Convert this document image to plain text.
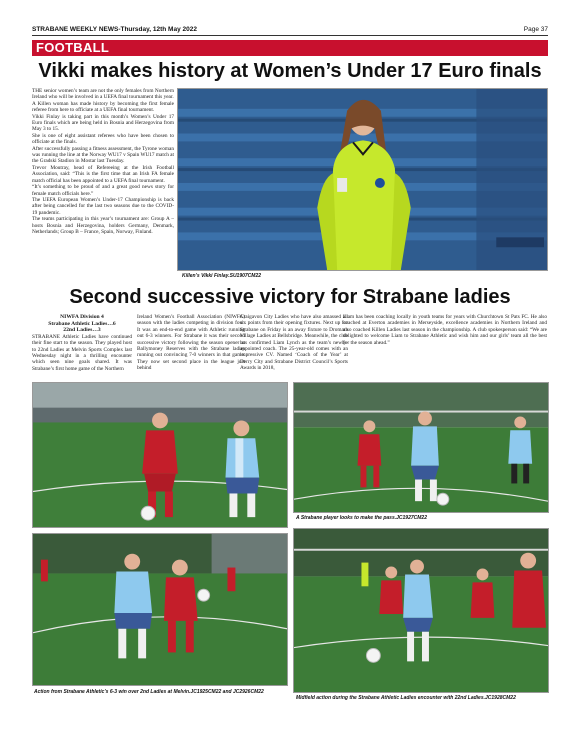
STRABANE WEEKLY NEWS-Thursday, 12th May 2022	Page 37
FOOTBALL
Vikki makes history at Women’s Under 17 Euro finals

THE senior women’s team are not the only females from Northern Ireland who will be involved in a UEFA final tournament this year.

A Killen woman has made history by becoming the first female referee from here to officiate at a UEFA final tournament.

Vikki Finlay is taking part in this month’s Women’s Under 17 Euro finals which are being held in Bosnia and Herzegovina from May 3 to 15.

She is one of eight assistant referees who have been chosen to officiate at the finals.

After successfully passing a fitness assessment, the Tyrone woman was running the line at the Norway WU17 v Spain WU17 match at the Gradski Stadion in Mostar last Tuesday.

Trevor Moutray, head of Refereeing at the Irish Football Association, said: “This is the first time that an Irish FA female match official has been appointed to a UEFA final tournament.

“It’s something to be proud of and a great good news story for female match officials here.”

The UEFA European Women’s Under-17 Championship is back after being cancelled for the last two seasons due to the COVID-19 pandemic.

The teams participating in this year’s tournament are: Group A – hosts Bosnia and Herzegovina, holders Germany, Denmark, Netherlands; Group B – France, Spain, Norway, Finland.

Killen’s Vikki Finlay.SU1907CM22
Second successive victory for Strabane ladies

NIWFA Division 4

Strabane Athletic Ladies…6

22nd Ladies…3

STRABANE Athletic Ladies have continued their fine start to the season. They played host to 22nd Ladies at Melvin Sports Complex last Wednesday night in a thrilling encounter which seen nine goals shared. It was Strabane’s first home game of the Northern

Ireland Women’s Football Association (NIWFA) season with the ladies competing in division four. It was an end-to-end game with Athletic running out 6-3 winners. For Strabane it was their second successive victory following the season opener at Ballymoney Reserves with the Strabane ladies running out convincing 7-0 winners in that game. They now set second place in the league just behind

Craigavon City Ladies who have also amassed all six points from their opening fixtures. Next up for Strabane on Friday is an away fixture to Dromara Village Ladies at Bellsbridge. Meanwhile, the club has confirmed Liam Lynch as the team’s newly-appointed coach. The 25-year-old comes with an impressive CV. Named ‘Coach of the Year’ at Derry City and Strabane District Council’s Sports Awards in 2018,

Liam has been coaching locally in youth teams for years with Churchtown St Pats FC. He also coached at Everton academies in Merseyside, excellence academies in Northern Ireland and also coached Killen Ladies last season in the championship. A club spokesperson said: “We are delighted to welcome Liam to Strabane Athletic and wish him and our girls’ team all the best for the season ahead.”

A Strabane player looks to make the pass.JC1927CM22
Action from Strabane Athletic’s 6-3 win over 2nd Ladies at Melvin.JC1925CM22 and JC2926CM22
Midfield action during the Strabane Athletic Ladies encounter with 22nd Ladies.JC1928CM22
